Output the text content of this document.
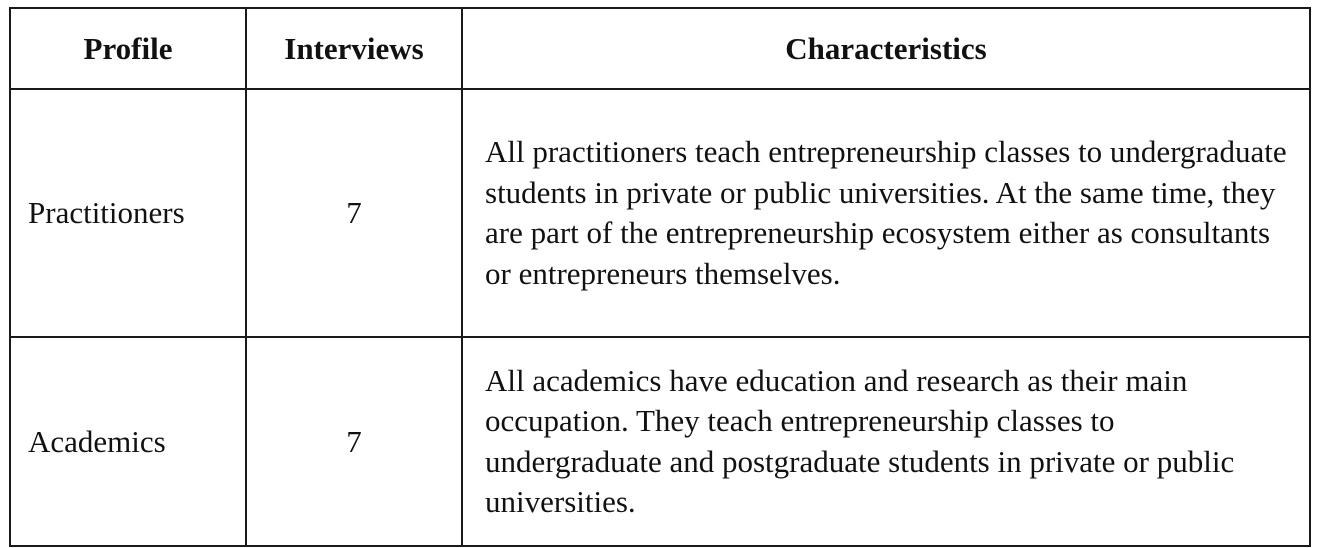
Profile	Interviews	Characteristics
Practitioners	7	All practitioners teach entrepreneurship classes to undergraduate students in private or public universities. At the same time, they are part of the entrepreneurship ecosystem either as consultants or entrepreneurs themselves.
Academics	7	All academics have education and research as their main occupation. They teach entrepreneurship classes to undergraduate and postgraduate students in private or public universities.
